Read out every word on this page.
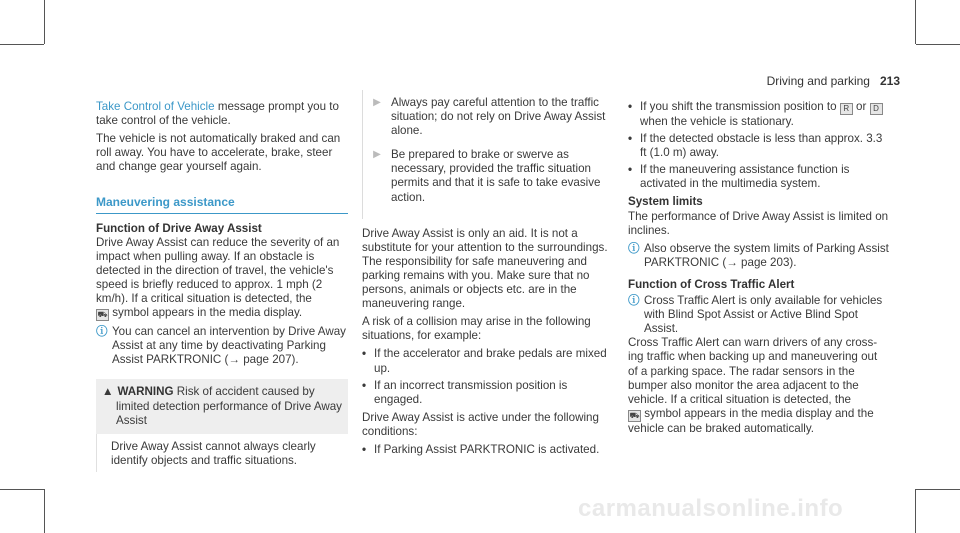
Driving and parking 213

Take Control of Vehicle message prompt you to take control of the vehicle.

The vehicle is not automatically braked and can roll away. You have to accelerate, brake, steer and change gear yourself again.

Maneuvering assistance
Function of Drive Away Assist

Drive Away Assist can reduce the severity of an impact when pulling away. If an obstacle is detected in the direction of travel, the vehicle's speed is briefly reduced to approx. 1 mph (2 km/h). If a critical situation is detected, the
⛟ symbol appears in the media display.

ⓘ You can cancel an intervention by Drive Away Assist at any time by deactivating Parking Assist PARKTRONIC (→ page 207).
▲ WARNING Risk of accident caused by limited detection performance of Drive Away Assist
Drive Away Assist cannot always clearly identify objects and traffic situations.
▶ Always pay careful attention to the traffic situation; do not rely on Drive Away Assist alone.
▶ Be prepared to brake or swerve as necessary, provided the traffic situation permits and that it is safe to take evasive action.

Drive Away Assist is only an aid. It is not a substitute for your attention to the surroundings. The responsibility for safe maneuvering and parking remains with you. Make sure that no persons, animals or objects etc. are in the maneuvering range.

A risk of a collision may arise in the following situations, for example:

• If the accelerator and brake pedals are mixed up.
• If an incorrect transmission position is engaged.

Drive Away Assist is active under the following conditions:

• If Parking Assist PARKTRONIC is activated.
• If you shift the transmission position to R or D when the vehicle is stationary.
• If the detected obstacle is less than approx. 3.3 ft (1.0 m) away.
• If the maneuvering assistance function is activated in the multimedia system.
System limits

The performance of Drive Away Assist is limited on inclines.

ⓘ Also observe the system limits of Parking Assist PARKTRONIC (→ page 203).
Function of Cross Traffic Alert
ⓘ Cross Traffic Alert is only available for vehicles with Blind Spot Assist or Active Blind Spot Assist.

Cross Traffic Alert can warn drivers of any cross-ing traffic when backing up and maneuvering out of a parking space. The radar sensors in the bumper also monitor the area adjacent to the vehicle. If a critical situation is detected, the
⛟ symbol appears in the media display and the vehicle can be braked automatically.

carmanualsonline.info
